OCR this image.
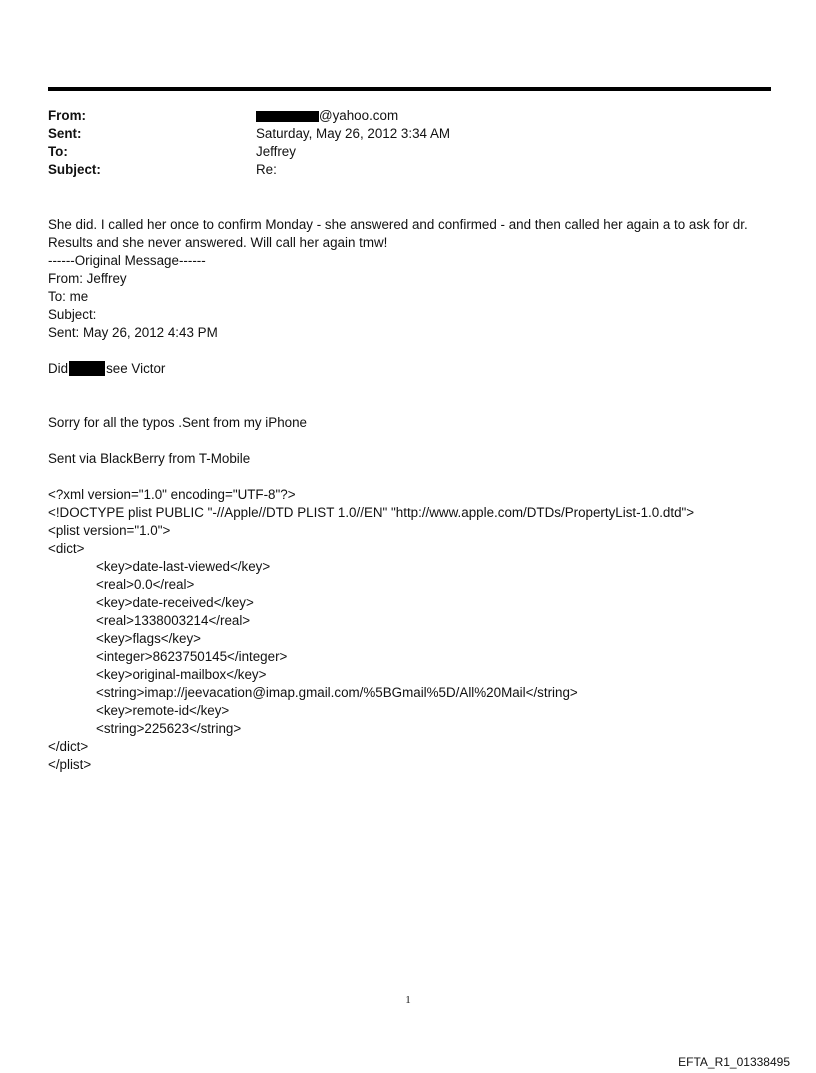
From:	@yahoo.com
Sent:	Saturday, May 26, 2012 3:34 AM
To:	Jeffrey
Subject:	Re:

She did. I called her once to confirm Monday - she answered and confirmed - and then called her again a to ask for dr.

Results and she never answered. Will call her again tmw!

------Original Message------

From: Jeffrey

To: me

Subject:

Sent: May 26, 2012 4:43 PM

Did	see Victor

Sorry for all the typos .Sent from my iPhone

Sent via BlackBerry from T-Mobile

<?xml version="1.0" encoding="UTF-8"?>

<!DOCTYPE plist PUBLIC "-//Apple//DTD PLIST 1.0//EN" "http://www.apple.com/DTDs/PropertyList-1.0.dtd">

<plist version="1.0">

<dict>

<key>date-last-viewed</key>

<real>0.0</real>

<key>date-received</key>

<real>1338003214</real>

<key>flags</key>

<integer>8623750145</integer>

<key>original-mailbox</key>

<string>imap://jeevacation@imap.gmail.com/%5BGmail%5D/All%20Mail</string>

<key>remote-id</key>

<string>225623</string>

</dict>

</plist>

1
EFTA_R1_01338495
